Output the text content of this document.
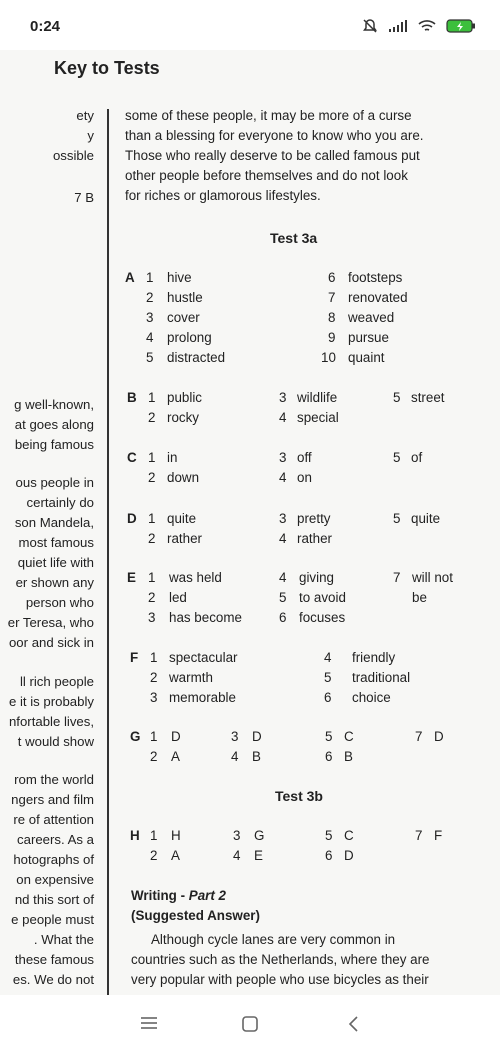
0:24
Key to Tests
ety
y
ossible
7 B
g well-known,
at goes along
being famous
ous people in
certainly do
son Mandela,
most famous
quiet life with
er shown any
person who
er Teresa, who
oor and sick in
ll rich people
e it is probably
nfortable lives,
t would show
rom the world
ngers and film
re of attention
careers. As a
hotographs of
on expensive
nd this sort of
e people must
. What the
these famous
es. We do not
some of these people, it may be more of a curse
than a blessing for everyone to know who you are.
Those who really deserve to be called famous put
other people before themselves and do not look
for riches or glamorous lifestyles.
Test 3a
A 1 hive
2 hustle
3 cover
4 prolong
5 distracted
6 footsteps
7 renovated
8 weaved
9 pursue
10 quaint
B 1 public
2 rocky
3 wildlife
4 special
5 street
C 1 in
2 down
3 off
4 on
5 of
D 1 quite
2 rather
3 pretty
4 rather
5 quite
E 1 was held
2 led
3 has become
4 giving
5 to avoid
6 focuses
7 will not
be
F 1 spectacular
2 warmth
3 memorable
4 friendly
5 traditional
6 choice
G 1 D
2 A
3 D
4 B
5 C
6 B
7 D
Test 3b
H 1 H
2 A
3 G
4 E
5 C
6 D
7 F
Writing - Part 2
(Suggested Answer)
Although cycle lanes are very common in
countries such as the Netherlands, where they are
very popular with people who use bicycles as their
